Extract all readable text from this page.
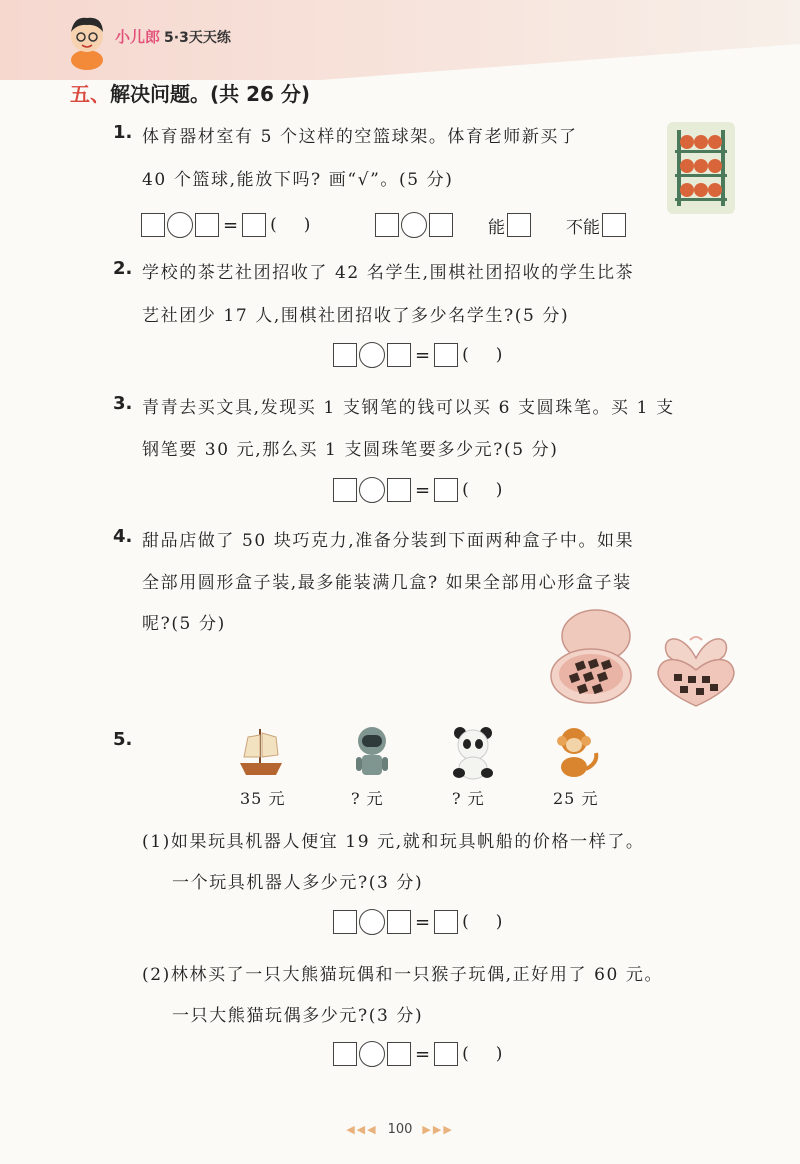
小儿郎 5·3天天练
五、解决问题。(共 26 分)
1. 体育器材室有 5 个这样的空篮球架。体育老师新买了
40 个篮球,能放下吗? 画“√”。(5 分)
= (     )	能	不能
2. 学校的茶艺社团招收了 42 名学生,围棋社团招收的学生比茶
艺社团少 17 人,围棋社团招收了多少名学生?(5 分)
= (     )
3. 青青去买文具,发现买 1 支钢笔的钱可以买 6 支圆珠笔。买 1 支
钢笔要 30 元,那么买 1 支圆珠笔要多少元?(5 分)
= (     )
4. 甜品店做了 50 块巧克力,准备分装到下面两种盒子中。如果
全部用圆形盒子装,最多能装满几盒? 如果全部用心形盒子装
呢?(5 分)
5.
35 元	? 元	? 元	25 元
(1)如果玩具机器人便宜 19 元,就和玩具帆船的价格一样了。
一个玩具机器人多少元?(3 分)
= (     )
(2)林林买了一只大熊猫玩偶和一只猴子玩偶,正好用了 60 元。
一只大熊猫玩偶多少元?(3 分)
= (     )
◀◀◀ 100 ▶▶▶
